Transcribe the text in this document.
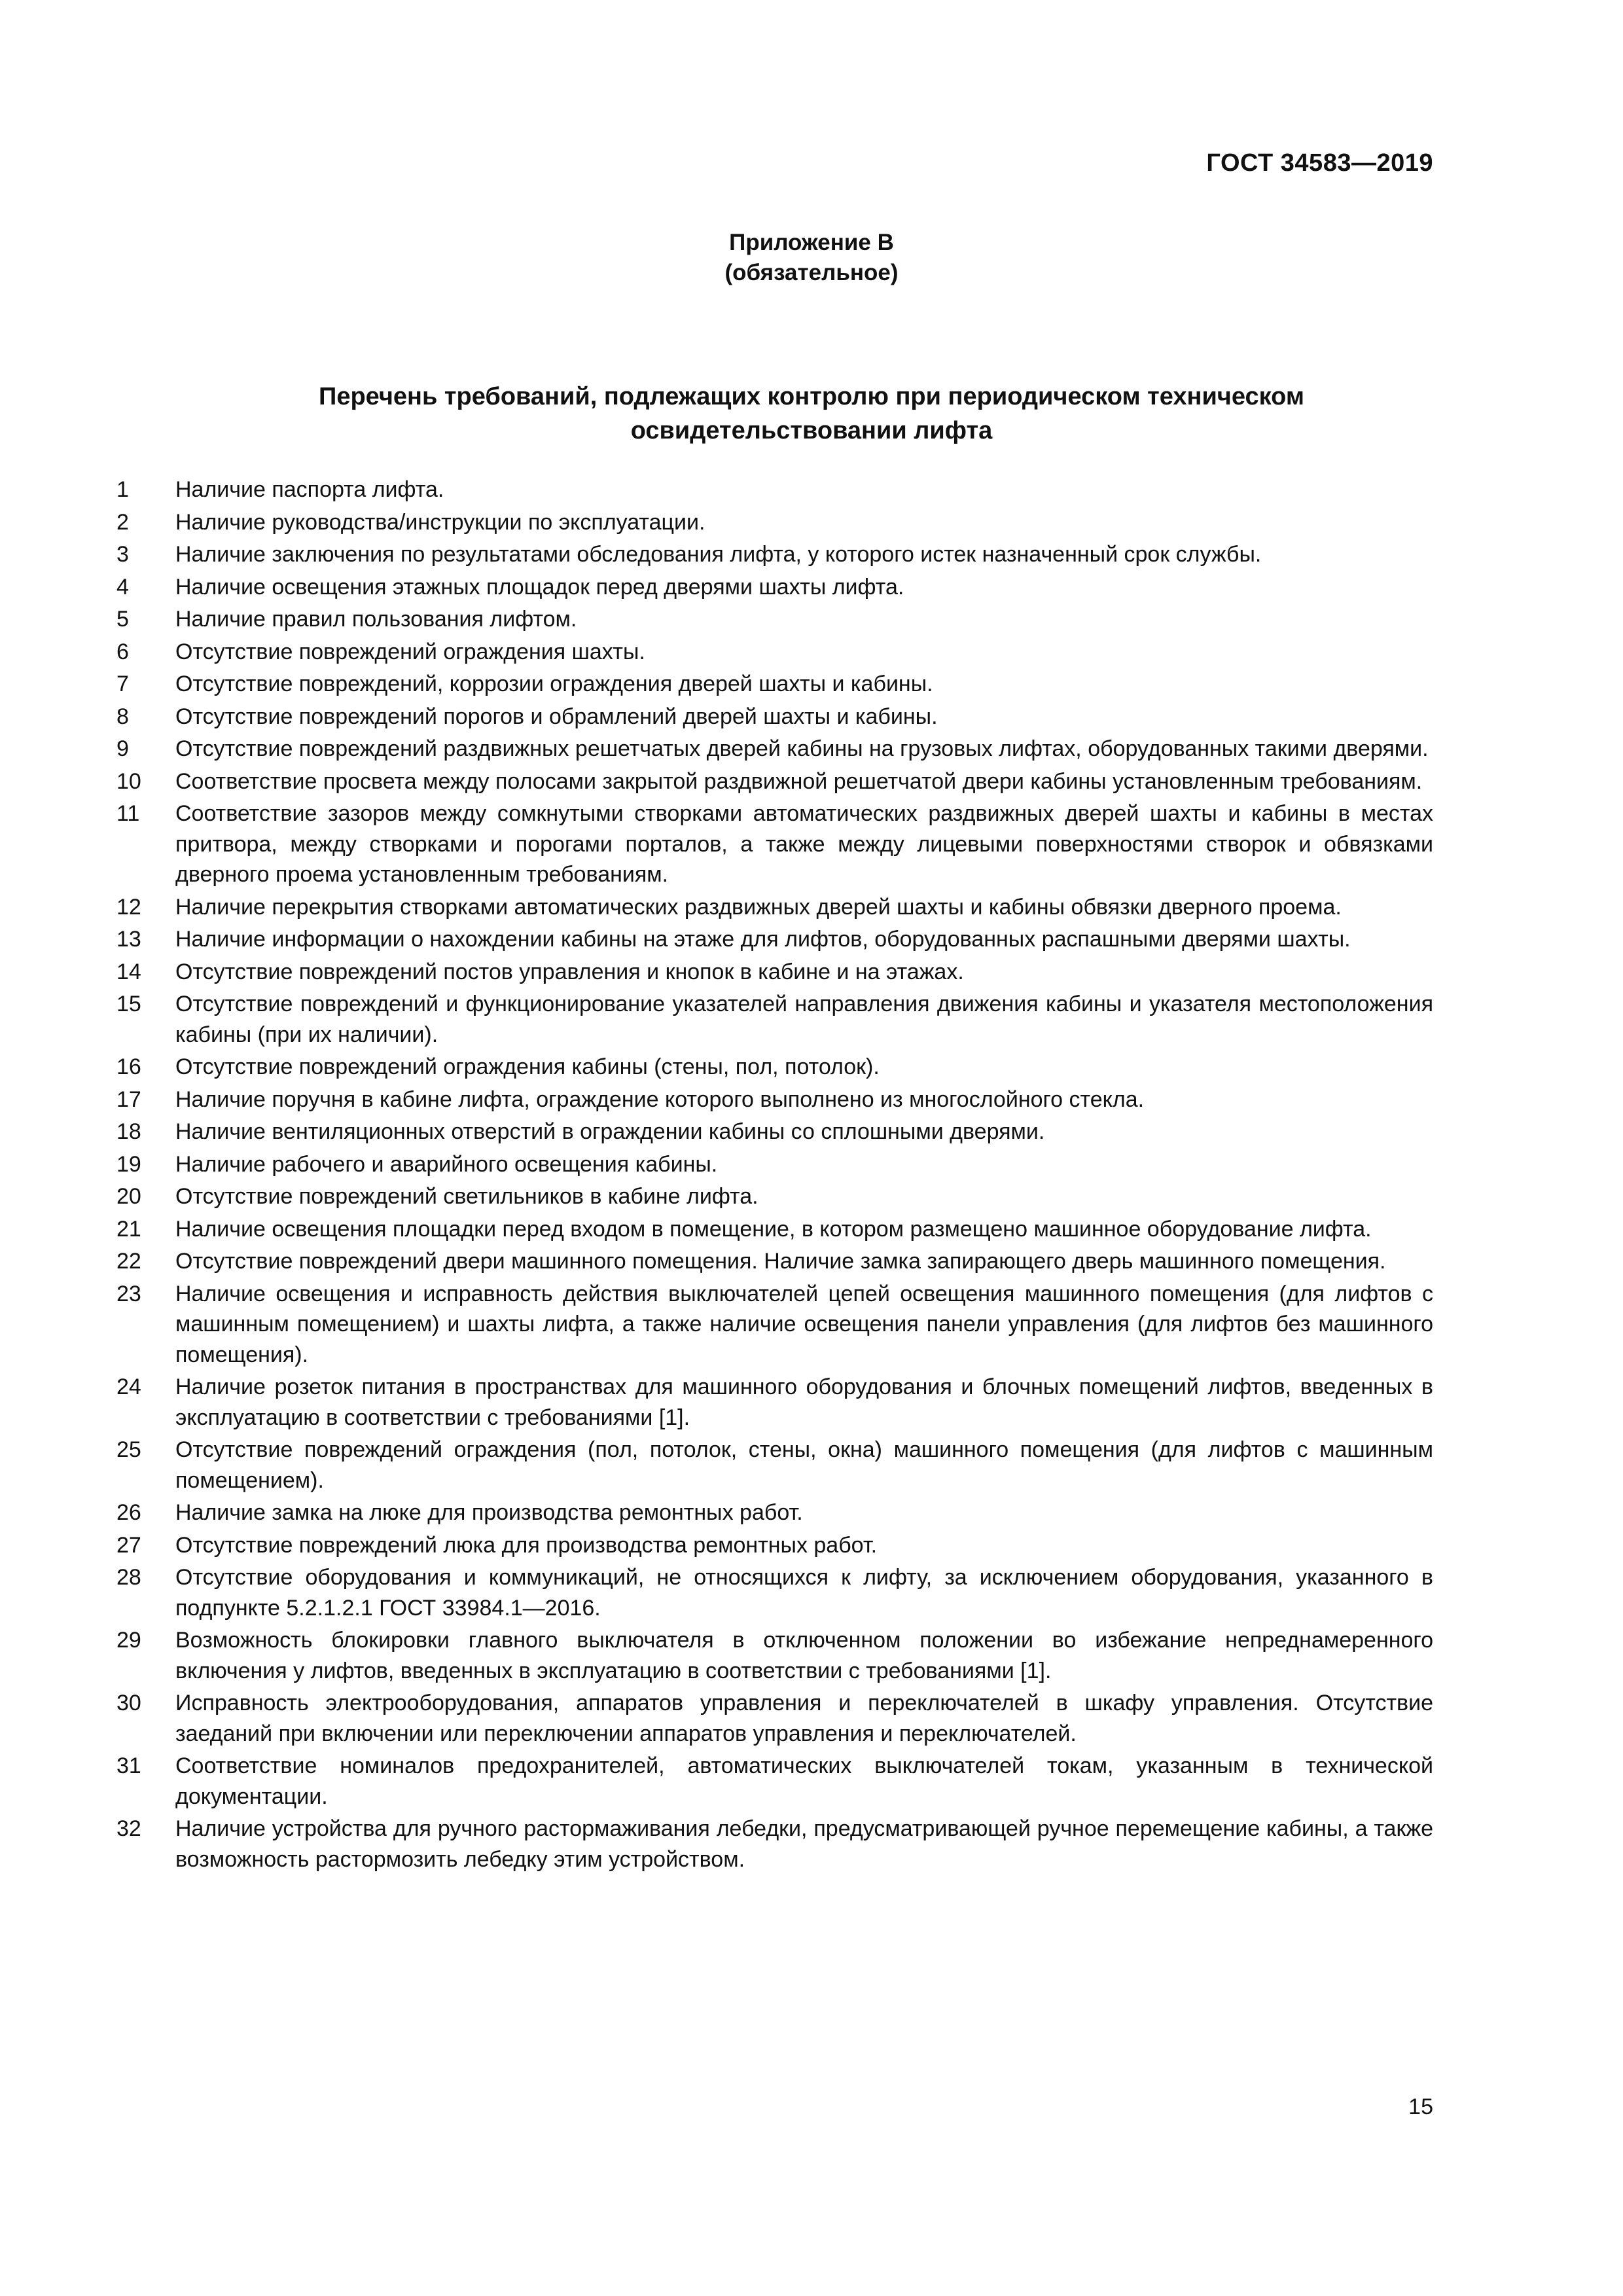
ГОСТ 34583—2019
Приложение В
(обязательное)
Перечень требований, подлежащих контролю при периодическом техническом
освидетельствовании лифта
1	Наличие паспорта лифта.
2	Наличие руководства/инструкции по эксплуатации.
3	Наличие заключения по результатами обследования лифта, у которого истек назначенный срок службы.
4	Наличие освещения этажных площадок перед дверями шахты лифта.
5	Наличие правил пользования лифтом.
6	Отсутствие повреждений ограждения шахты.
7	Отсутствие повреждений, коррозии ограждения дверей шахты и кабины.
8	Отсутствие повреждений порогов и обрамлений дверей шахты и кабины.
9	Отсутствие повреждений раздвижных решетчатых дверей кабины на грузовых лифтах, оборудованных такими дверями.
10	Соответствие просвета между полосами закрытой раздвижной решетчатой двери кабины установленным требованиям.
11	Соответствие зазоров между сомкнутыми створками автоматических раздвижных дверей шахты и кабины в местах притвора, между створками и порогами порталов, а также между лицевыми поверхностями створок и обвязками дверного проема установленным требованиям.
12	Наличие перекрытия створками автоматических раздвижных дверей шахты и кабины обвязки дверного проема.
13	Наличие информации о нахождении кабины на этаже для лифтов, оборудованных распашными дверями шахты.
14	Отсутствие повреждений постов управления и кнопок в кабине и на этажах.
15	Отсутствие повреждений и функционирование указателей направления движения кабины и указателя местоположения кабины (при их наличии).
16	Отсутствие повреждений ограждения кабины (стены, пол, потолок).
17	Наличие поручня в кабине лифта, ограждение которого выполнено из многослойного стекла.
18	Наличие вентиляционных отверстий в ограждении кабины со сплошными дверями.
19	Наличие рабочего и аварийного освещения кабины.
20	Отсутствие повреждений светильников в кабине лифта.
21	Наличие освещения площадки перед входом в помещение, в котором размещено машинное оборудование лифта.
22	Отсутствие повреждений двери машинного помещения. Наличие замка запирающего дверь машинного помещения.
23	Наличие освещения и исправность действия выключателей цепей освещения машинного помещения (для лифтов с машинным помещением) и шахты лифта, а также наличие освещения панели управления (для лифтов без машинного помещения).
24	Наличие розеток питания в пространствах для машинного оборудования и блочных помещений лифтов, введенных в эксплуатацию в соответствии с требованиями [1].
25	Отсутствие повреждений ограждения (пол, потолок, стены, окна) машинного помещения (для лифтов с машинным помещением).
26	Наличие замка на люке для производства ремонтных работ.
27	Отсутствие повреждений люка для производства ремонтных работ.
28	Отсутствие оборудования и коммуникаций, не относящихся к лифту, за исключением оборудования, указанного в подпункте 5.2.1.2.1 ГОСТ 33984.1—2016.
29	Возможность блокировки главного выключателя в отключенном положении во избежание непреднамеренного включения у лифтов, введенных в эксплуатацию в соответствии с требованиями [1].
30	Исправность электрооборудования, аппаратов управления и переключателей в шкафу управления. Отсутствие заеданий при включении или переключении аппаратов управления и переключателей.
31	Соответствие номиналов предохранителей, автоматических выключателей токам, указанным в технической документации.
32	Наличие устройства для ручного растормаживания лебедки, предусматривающей ручное перемещение кабины, а также возможность растормозить лебедку этим устройством.
15
